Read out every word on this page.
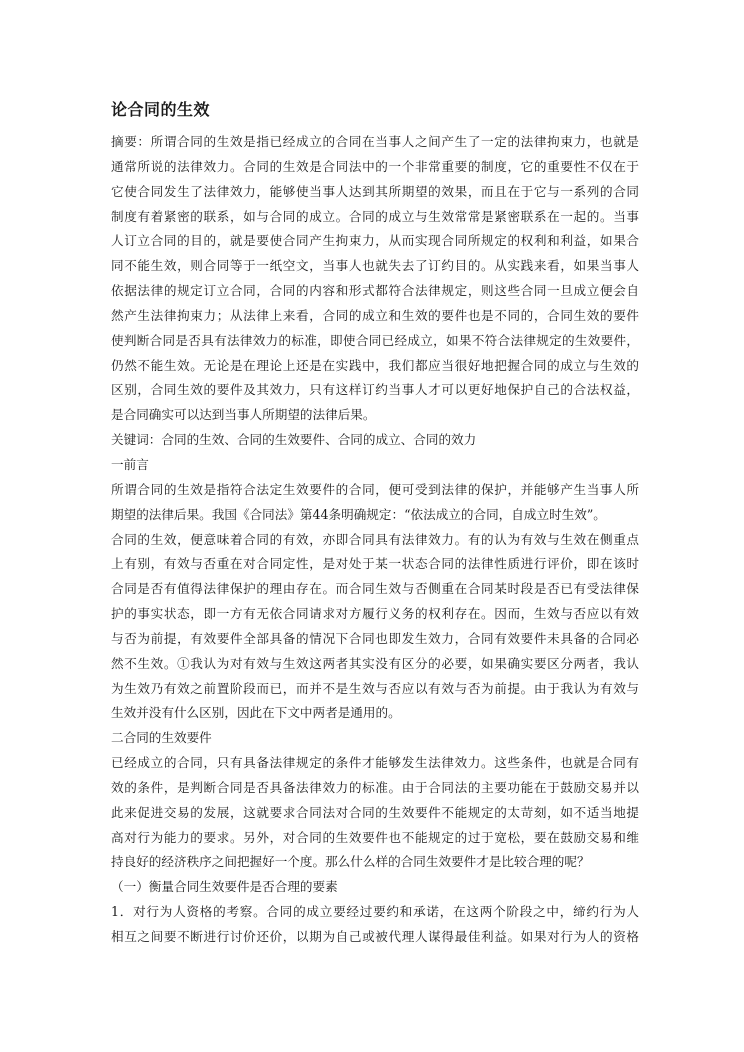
论合同的生效
摘要：所谓合同的生效是指已经成立的合同在当事人之间产生了一定的法律拘束力，也就是
通常所说的法律效力。合同的生效是合同法中的一个非常重要的制度，它的重要性不仅在于
它使合同发生了法律效力，能够使当事人达到其所期望的效果，而且在于它与一系列的合同
制度有着紧密的联系，如与合同的成立。合同的成立与生效常常是紧密联系在一起的。当事
人订立合同的目的，就是要使合同产生拘束力，从而实现合同所规定的权利和利益，如果合
同不能生效，则合同等于一纸空文，当事人也就失去了订约目的。从实践来看，如果当事人
依据法律的规定订立合同，合同的内容和形式都符合法律规定，则这些合同一旦成立便会自
然产生法律拘束力；从法律上来看，合同的成立和生效的要件也是不同的，合同生效的要件
使判断合同是否具有法律效力的标准，即使合同已经成立，如果不符合法律规定的生效要件，
仍然不能生效。无论是在理论上还是在实践中，我们都应当很好地把握合同的成立与生效的
区别，合同生效的要件及其效力，只有这样订约当事人才可以更好地保护自己的合法权益，
是合同确实可以达到当事人所期望的法律后果。
关键词：合同的生效、合同的生效要件、合同的成立、合同的效力
一前言
所谓合同的生效是指符合法定生效要件的合同，便可受到法律的保护，并能够产生当事人所
期望的法律后果。我国《合同法》第44条明确规定：“依法成立的合同，自成立时生效”。
合同的生效，便意味着合同的有效，亦即合同具有法律效力。有的认为有效与生效在侧重点
上有别，有效与否重在对合同定性，是对处于某一状态合同的法律性质进行评价，即在该时
合同是否有值得法律保护的理由存在。而合同生效与否侧重在合同某时段是否已有受法律保
护的事实状态，即一方有无依合同请求对方履行义务的权利存在。因而，生效与否应以有效
与否为前提，有效要件全部具备的情况下合同也即发生效力，合同有效要件未具备的合同必
然不生效。①我认为对有效与生效这两者其实没有区分的必要，如果确实要区分两者，我认
为生效乃有效之前置阶段而已，而并不是生效与否应以有效与否为前提。由于我认为有效与
生效并没有什么区别，因此在下文中两者是通用的。
二合同的生效要件
已经成立的合同，只有具备法律规定的条件才能够发生法律效力。这些条件，也就是合同有
效的条件，是判断合同是否具备法律效力的标准。由于合同法的主要功能在于鼓励交易并以
此来促进交易的发展，这就要求合同法对合同的生效要件不能规定的太苛刻，如不适当地提
高对行为能力的要求。另外，对合同的生效要件也不能规定的过于宽松，要在鼓励交易和维
持良好的经济秩序之间把握好一个度。那么什么样的合同生效要件才是比较合理的呢？
（一）衡量合同生效要件是否合理的要素
1．对行为人资格的考察。合同的成立要经过要约和承诺，在这两个阶段之中，缔约行为人
相互之间要不断进行讨价还价，以期为自己或被代理人谋得最佳利益。如果对行为人的资格
